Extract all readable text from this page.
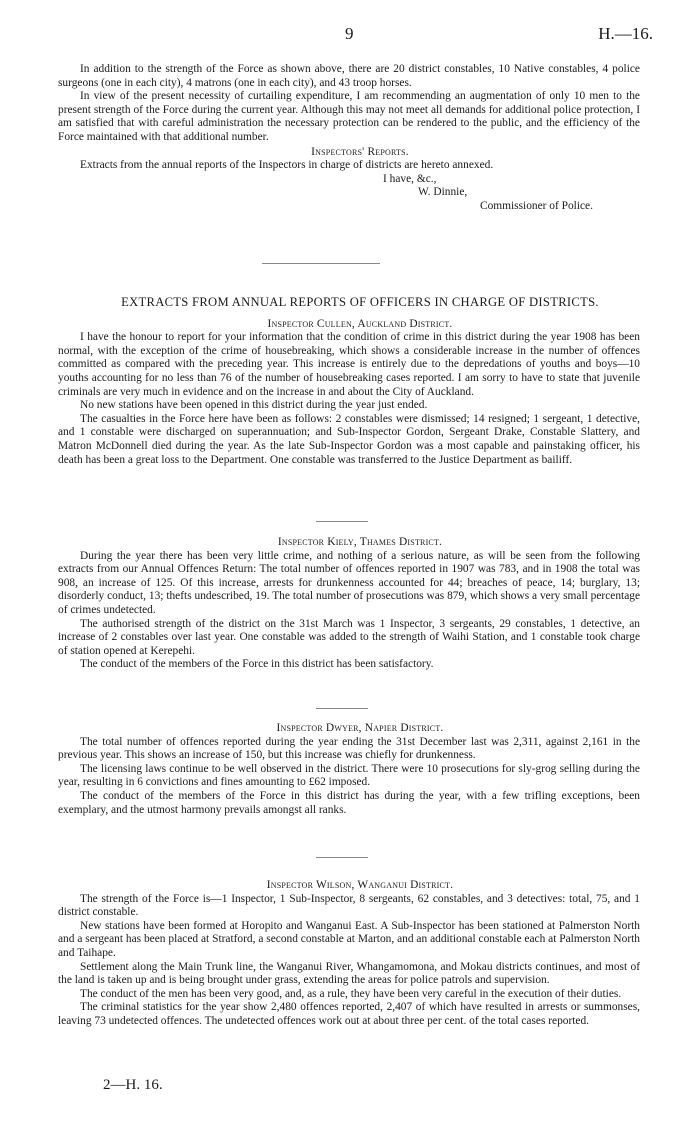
9	H.—16.

In addition to the strength of the Force as shown above, there are 20 district constables, 10 Native constables, 4 police surgeons (one in each city), 4 matrons (one in each city), and 43 troop horses.

In view of the present necessity of curtailing expenditure, I am recommending an augmentation of only 10 men to the present strength of the Force during the current year. Although this may not meet all demands for additional police protection, I am satisfied that with careful administration the necessary protection can be rendered to the public, and the efficiency of the Force maintained with that additional number.

Inspectors' Reports.

Extracts from the annual reports of the Inspectors in charge of districts are hereto annexed.

I have, &c.,

W. Dinnie,

Commissioner of Police.

EXTRACTS FROM ANNUAL REPORTS OF OFFICERS IN CHARGE OF DISTRICTS.

Inspector Cullen, Auckland District.

I have the honour to report for your information that the condition of crime in this district during the year 1908 has been normal, with the exception of the crime of housebreaking, which shows a considerable increase in the number of offences committed as compared with the preceding year. This increase is entirely due to the depredations of youths and boys—10 youths accounting for no less than 76 of the number of housebreaking cases reported. I am sorry to have to state that juvenile criminals are very much in evidence and on the increase in and about the City of Auckland.

No new stations have been opened in this district during the year just ended.

The casualties in the Force here have been as follows: 2 constables were dismissed; 14 resigned; 1 sergeant, 1 detective, and 1 constable were discharged on superannuation; and Sub-Inspector Gordon, Sergeant Drake, Constable Slattery, and Matron McDonnell died during the year. As the late Sub-Inspector Gordon was a most capable and painstaking officer, his death has been a great loss to the Department. One constable was transferred to the Justice Department as bailiff.

Inspector Kiely, Thames District.

During the year there has been very little crime, and nothing of a serious nature, as will be seen from the following extracts from our Annual Offences Return: The total number of offences reported in 1907 was 783, and in 1908 the total was 908, an increase of 125. Of this increase, arrests for drunkenness accounted for 44; breaches of peace, 14; burglary, 13; disorderly conduct, 13; thefts undescribed, 19. The total number of prosecutions was 879, which shows a very small percentage of crimes undetected.

The authorised strength of the district on the 31st March was 1 Inspector, 3 sergeants, 29 constables, 1 detective, an increase of 2 constables over last year. One constable was added to the strength of Waihi Station, and 1 constable took charge of station opened at Kerepehi.

The conduct of the members of the Force in this district has been satisfactory.

Inspector Dwyer, Napier District.

The total number of offences reported during the year ending the 31st December last was 2,311, against 2,161 in the previous year. This shows an increase of 150, but this increase was chiefly for drunkenness.

The licensing laws continue to be well observed in the district. There were 10 prosecutions for sly-grog selling during the year, resulting in 6 convictions and fines amounting to £62 imposed.

The conduct of the members of the Force in this district has during the year, with a few trifling exceptions, been exemplary, and the utmost harmony prevails amongst all ranks.

Inspector Wilson, Wanganui District.

The strength of the Force is—1 Inspector, 1 Sub-Inspector, 8 sergeants, 62 constables, and 3 detectives: total, 75, and 1 district constable.

New stations have been formed at Horopito and Wanganui East. A Sub-Inspector has been stationed at Palmerston North and a sergeant has been placed at Stratford, a second constable at Marton, and an additional constable each at Palmerston North and Taihape.

Settlement along the Main Trunk line, the Wanganui River, Whangamomona, and Mokau districts continues, and most of the land is taken up and is being brought under grass, extending the areas for police patrols and supervision.

The conduct of the men has been very good, and, as a rule, they have been very careful in the execution of their duties.

The criminal statistics for the year show 2,480 offences reported, 2,407 of which have resulted in arrests or summonses, leaving 73 undetected offences. The undetected offences work out at about three per cent. of the total cases reported.

2—H. 16.
